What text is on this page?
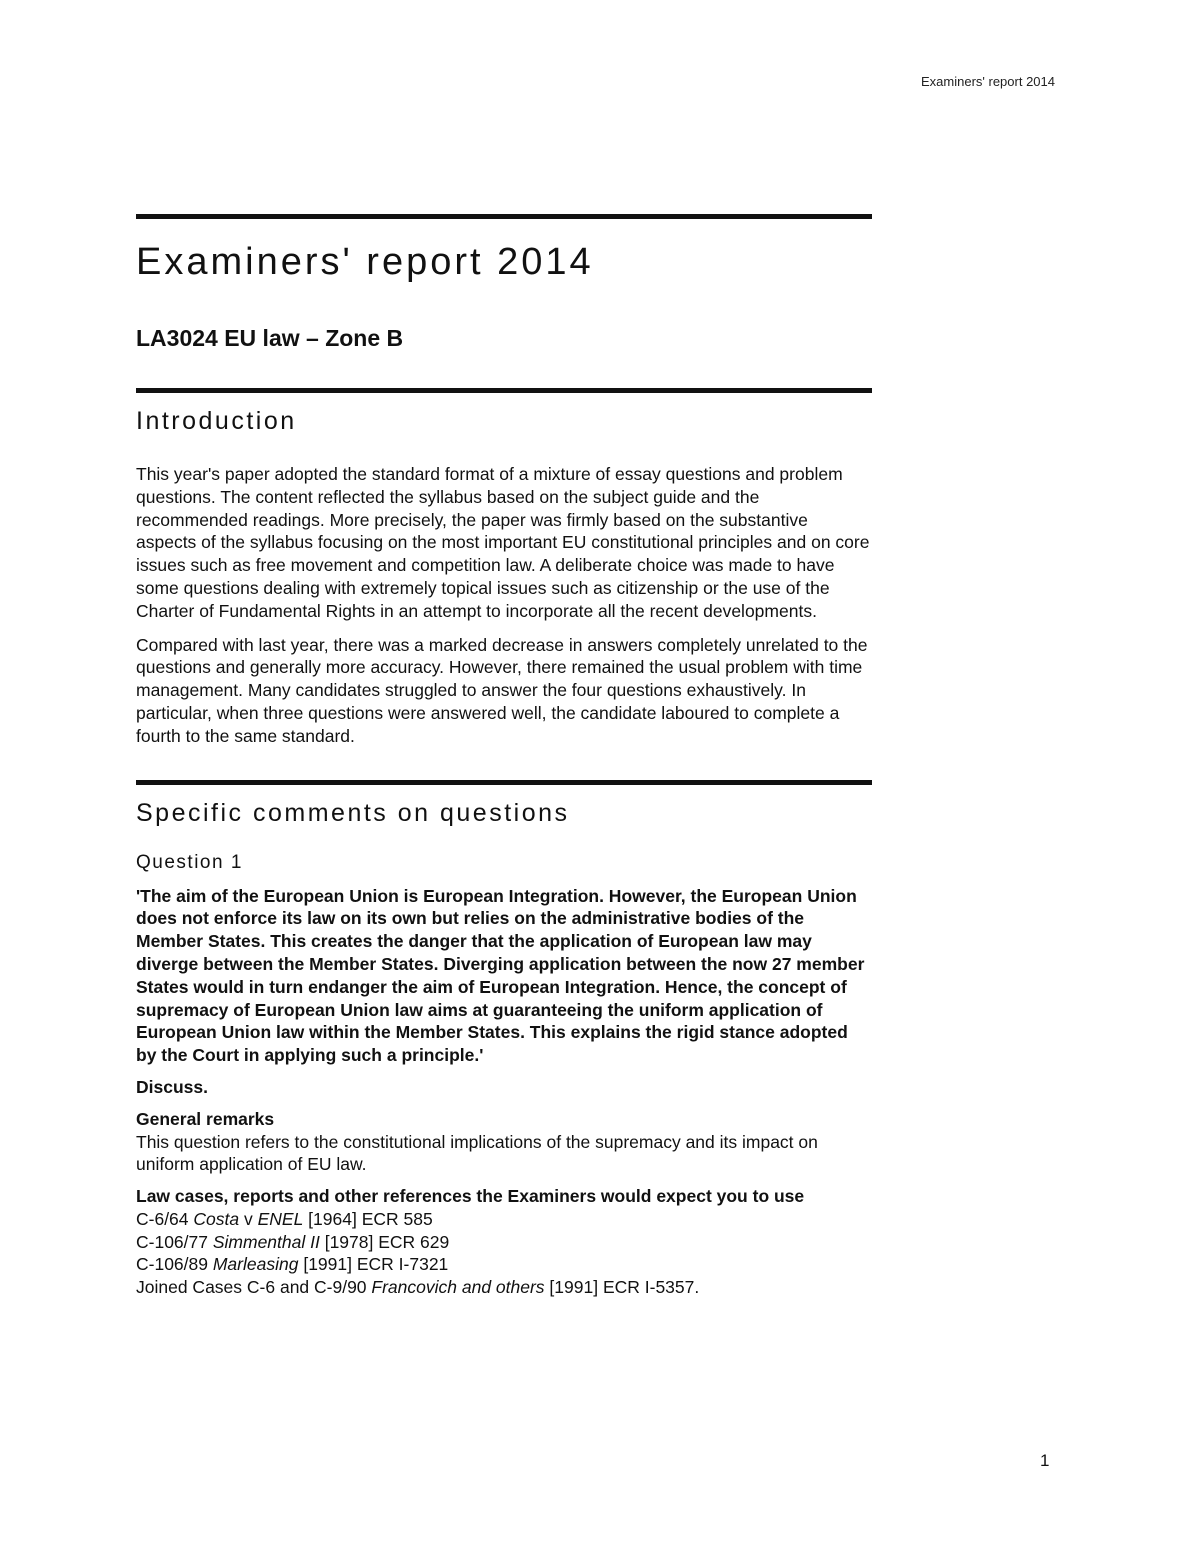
Examiners' report 2014
Examiners' report 2014
LA3024 EU law – Zone B
Introduction

This year's paper adopted the standard format of a mixture of essay questions and problem questions. The content reflected the syllabus based on the subject guide and the recommended readings. More precisely, the paper was firmly based on the substantive aspects of the syllabus focusing on the most important EU constitutional principles and on core issues such as free movement and competition law. A deliberate choice was made to have some questions dealing with extremely topical issues such as citizenship or the use of the Charter of Fundamental Rights in an attempt to incorporate all the recent developments.

Compared with last year, there was a marked decrease in answers completely unrelated to the questions and generally more accuracy. However, there remained the usual problem with time management. Many candidates struggled to answer the four questions exhaustively. In particular, when three questions were answered well, the candidate laboured to complete a fourth to the same standard.

Specific comments on questions
Question 1
'The aim of the European Union is European Integration. However, the European Union does not enforce its law on its own but relies on the administrative bodies of the Member States. This creates the danger that the application of European law may diverge between the Member States. Diverging application between the now 27 member States would in turn endanger the aim of European Integration. Hence, the concept of supremacy of European Union law aims at guaranteeing the uniform application of European Union law within the Member States. This explains the rigid stance adopted by the Court in applying such a principle.'
Discuss.
General remarks
This question refers to the constitutional implications of the supremacy and its impact on uniform application of EU law.
Law cases, reports and other references the Examiners would expect you to use
C-6/64 Costa v ENEL [1964] ECR 585
C-106/77 Simmenthal II [1978] ECR 629
C-106/89 Marleasing [1991] ECR I-7321
Joined Cases C-6 and C-9/90 Francovich and others [1991] ECR I-5357.
1
